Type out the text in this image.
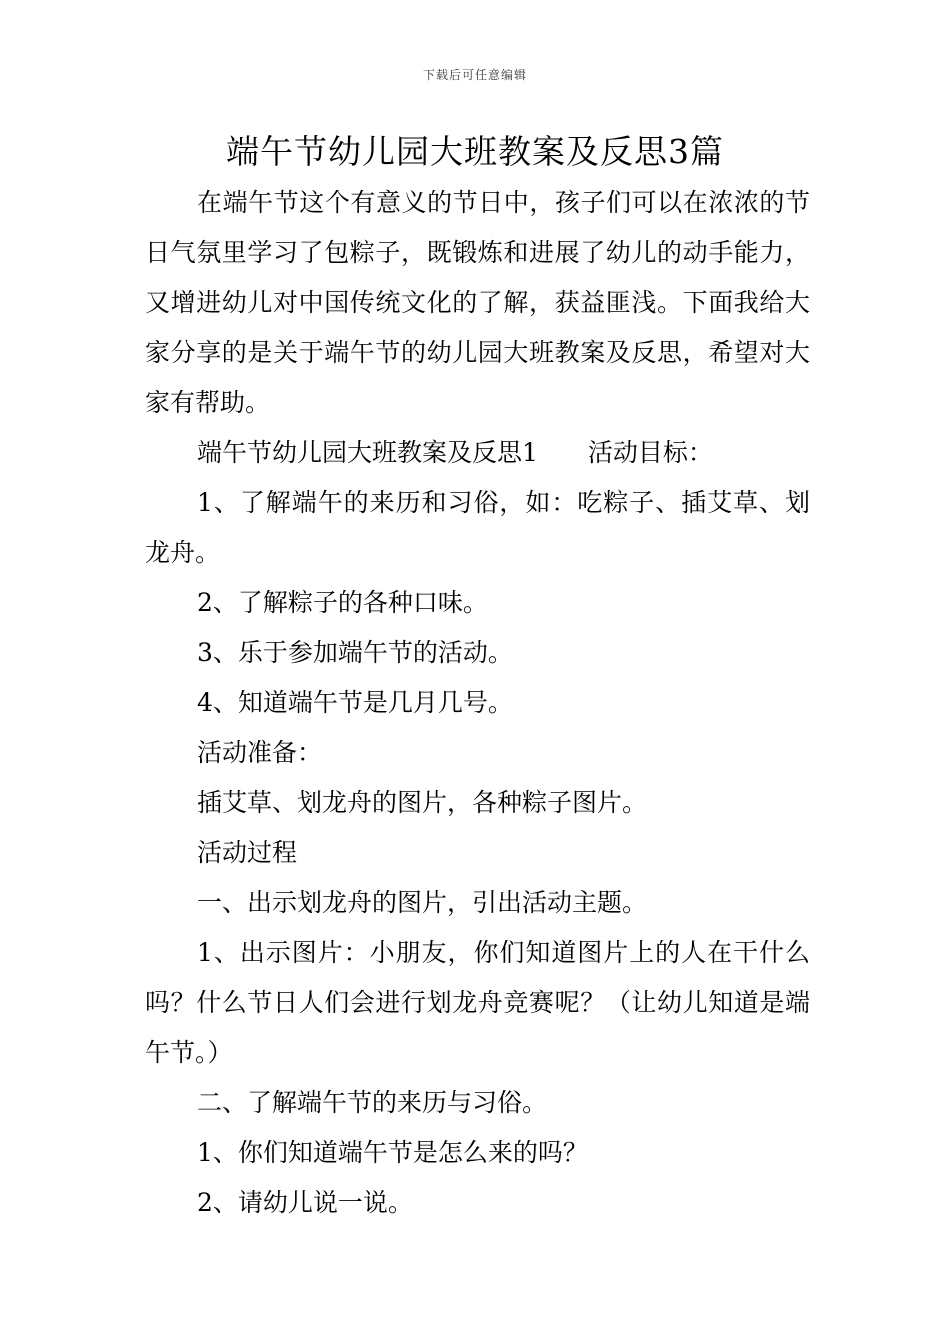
下载后可任意编辑
端午节幼儿园大班教案及反思3篇

在端午节这个有意义的节日中，孩子们可以在浓浓的节日气氛里学习了包粽子，既锻炼和进展了幼儿的动手能力，又增进幼儿对中国传统文化的了解，获益匪浅。下面我给大家分享的是关于端午节的幼儿园大班教案及反思，希望对大家有帮助。

端午节幼儿园大班教案及反思1 活动目标：

1、了解端午的来历和习俗，如：吃粽子、插艾草、划龙舟。

2、了解粽子的各种口味。

3、乐于参加端午节的活动。

4、知道端午节是几月几号。

活动准备：

插艾草、划龙舟的图片，各种粽子图片。

活动过程

一、出示划龙舟的图片，引出活动主题。

1、出示图片：小朋友，你们知道图片上的人在干什么吗？什么节日人们会进行划龙舟竞赛呢？（让幼儿知道是端午节。）

二、了解端午节的来历与习俗。

1、你们知道端午节是怎么来的吗？

2、请幼儿说一说。
